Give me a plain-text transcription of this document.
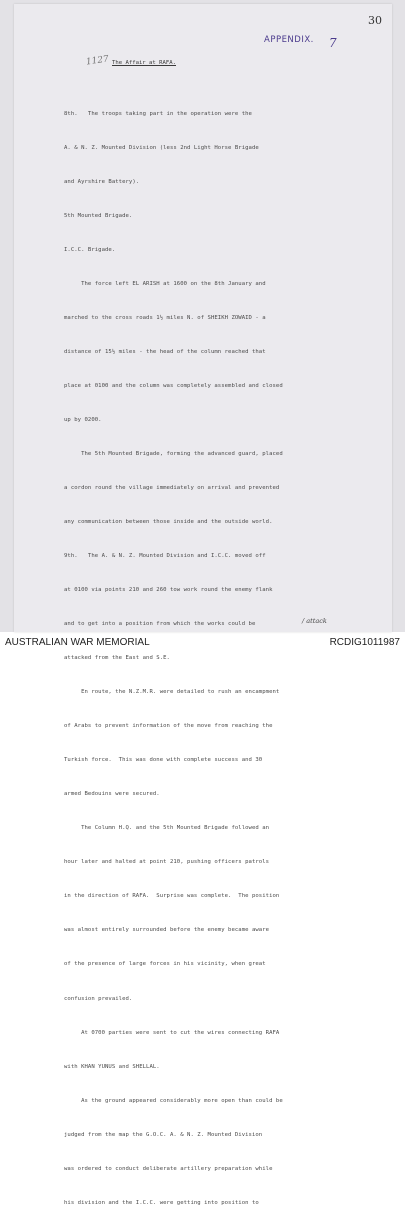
30
APPENDIX. 7
1127 The Affair at RAFA.

8th.   The troops taking part in the operation were the

A. & N. Z. Mounted Division (less 2nd Light Horse Brigade

and Ayrshire Battery).

5th Mounted Brigade.

I.C.C. Brigade.

The force left EL ARISH at 1600 on the 8th January and

marched to the cross roads 1½ miles N. of SHEIKH ZOWAID - a

distance of 15½ miles - the head of the column reached that

place at 0100 and the column was completely assembled and closed

up by 0200.

The 5th Mounted Brigade, forming the advanced guard, placed

a cordon round the village immediately on arrival and prevented

any communication between those inside and the outside world.

9th.   The A. & N. Z. Mounted Division and I.C.C. moved off

at 0100 via points 210 and 260 tow work round the enemy flank

and to get into a position from which the works could be

attacked from the East and S.E.

En route, the N.Z.M.R. were detailed to rush an encampment

of Arabs to prevent information of the move from reaching the

Turkish force.  This was done with complete success and 30

armed Bedouins were secured.

The Column H.Q. and the 5th Mounted Brigade followed an

hour later and halted at point 210, pushing officers patrols

in the direction of RAFA.  Surprise was complete.  The position

was almost entirely surrounded before the enemy became aware

of the presence of large forces in his vicinity, when great

confusion prevailed.

At 0700 parties were sent to cut the wires connecting RAFA

with KHAN YUNUS and SHELLAL.

As the ground appeared considerably more open than could be

judged from the map the G.O.C. A. & N. Z. Mounted Division

was ordered to conduct deliberate artillery preparation while

his division and the I.C.C. were getting into position to

/ attack
AUSTRALIAN WAR MEMORIAL	RCDIG1011987
